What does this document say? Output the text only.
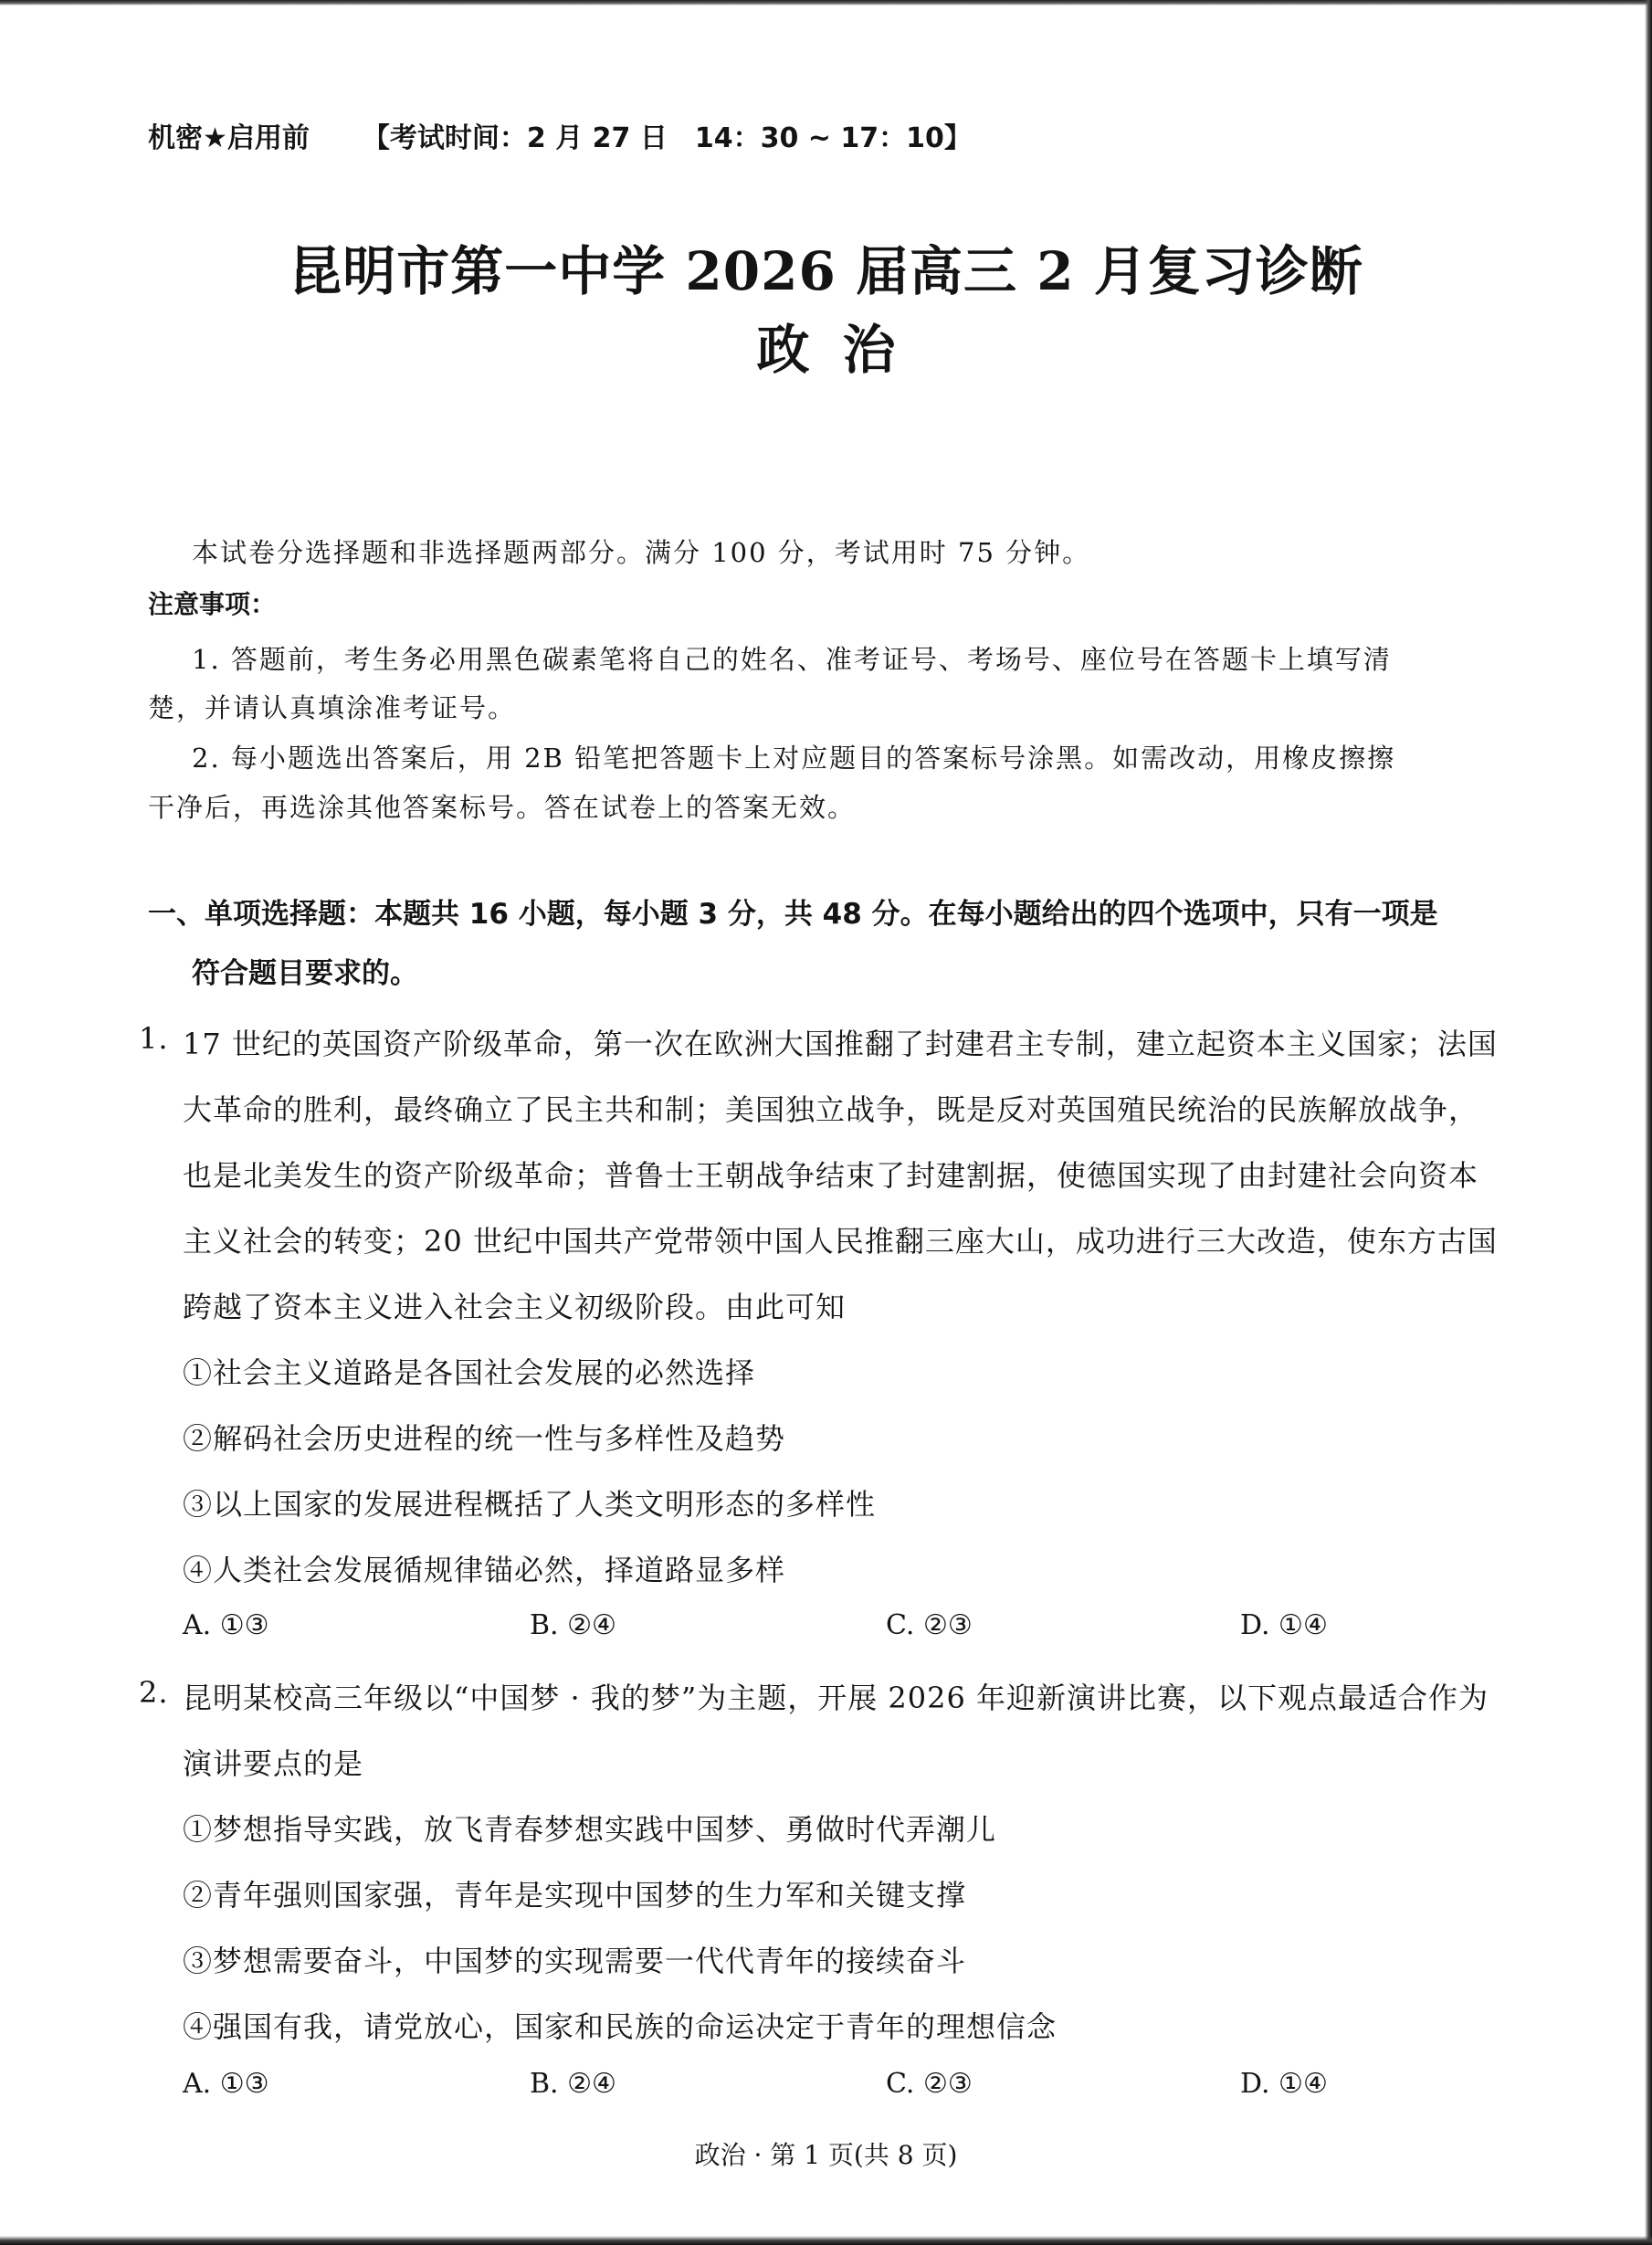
机密★启用前 【考试时间：2 月 27 日　14：30 ~ 17：10】
昆明市第一中学 2026 届高三 2 月复习诊断
政治
本试卷分选择题和非选择题两部分。满分 100 分，考试用时 75 分钟。
注意事项：
1. 答题前，考生务必用黑色碳素笔将自己的姓名、准考证号、考场号、座位号在答题卡上填写清
楚，并请认真填涂准考证号。
2. 每小题选出答案后，用 2B 铅笔把答题卡上对应题目的答案标号涂黑。如需改动，用橡皮擦擦
干净后，再选涂其他答案标号。答在试卷上的答案无效。
一、单项选择题：本题共 16 小题，每小题 3 分，共 48 分。在每小题给出的四个选项中，只有一项是
符合题目要求的。
1. 17 世纪的英国资产阶级革命，第一次在欧洲大国推翻了封建君主专制，建立起资本主义国家；法国
大革命的胜利，最终确立了民主共和制；美国独立战争，既是反对英国殖民统治的民族解放战争，
也是北美发生的资产阶级革命；普鲁士王朝战争结束了封建割据，使德国实现了由封建社会向资本
主义社会的转变；20 世纪中国共产党带领中国人民推翻三座大山，成功进行三大改造，使东方古国
跨越了资本主义进入社会主义初级阶段。由此可知
①社会主义道路是各国社会发展的必然选择
②解码社会历史进程的统一性与多样性及趋势
③以上国家的发展进程概括了人类文明形态的多样性
④人类社会发展循规律锚必然，择道路显多样
A. ①③	B. ②④	C. ②③	D. ①④
2. 昆明某校高三年级以“中国梦 · 我的梦”为主题，开展 2026 年迎新演讲比赛，以下观点最适合作为
演讲要点的是
①梦想指导实践，放飞青春梦想实践中国梦、勇做时代弄潮儿
②青年强则国家强，青年是实现中国梦的生力军和关键支撑
③梦想需要奋斗，中国梦的实现需要一代代青年的接续奋斗
④强国有我，请党放心，国家和民族的命运决定于青年的理想信念
A. ①③	B. ②④	C. ②③	D. ①④
政治 · 第 1 页(共 8 页)
